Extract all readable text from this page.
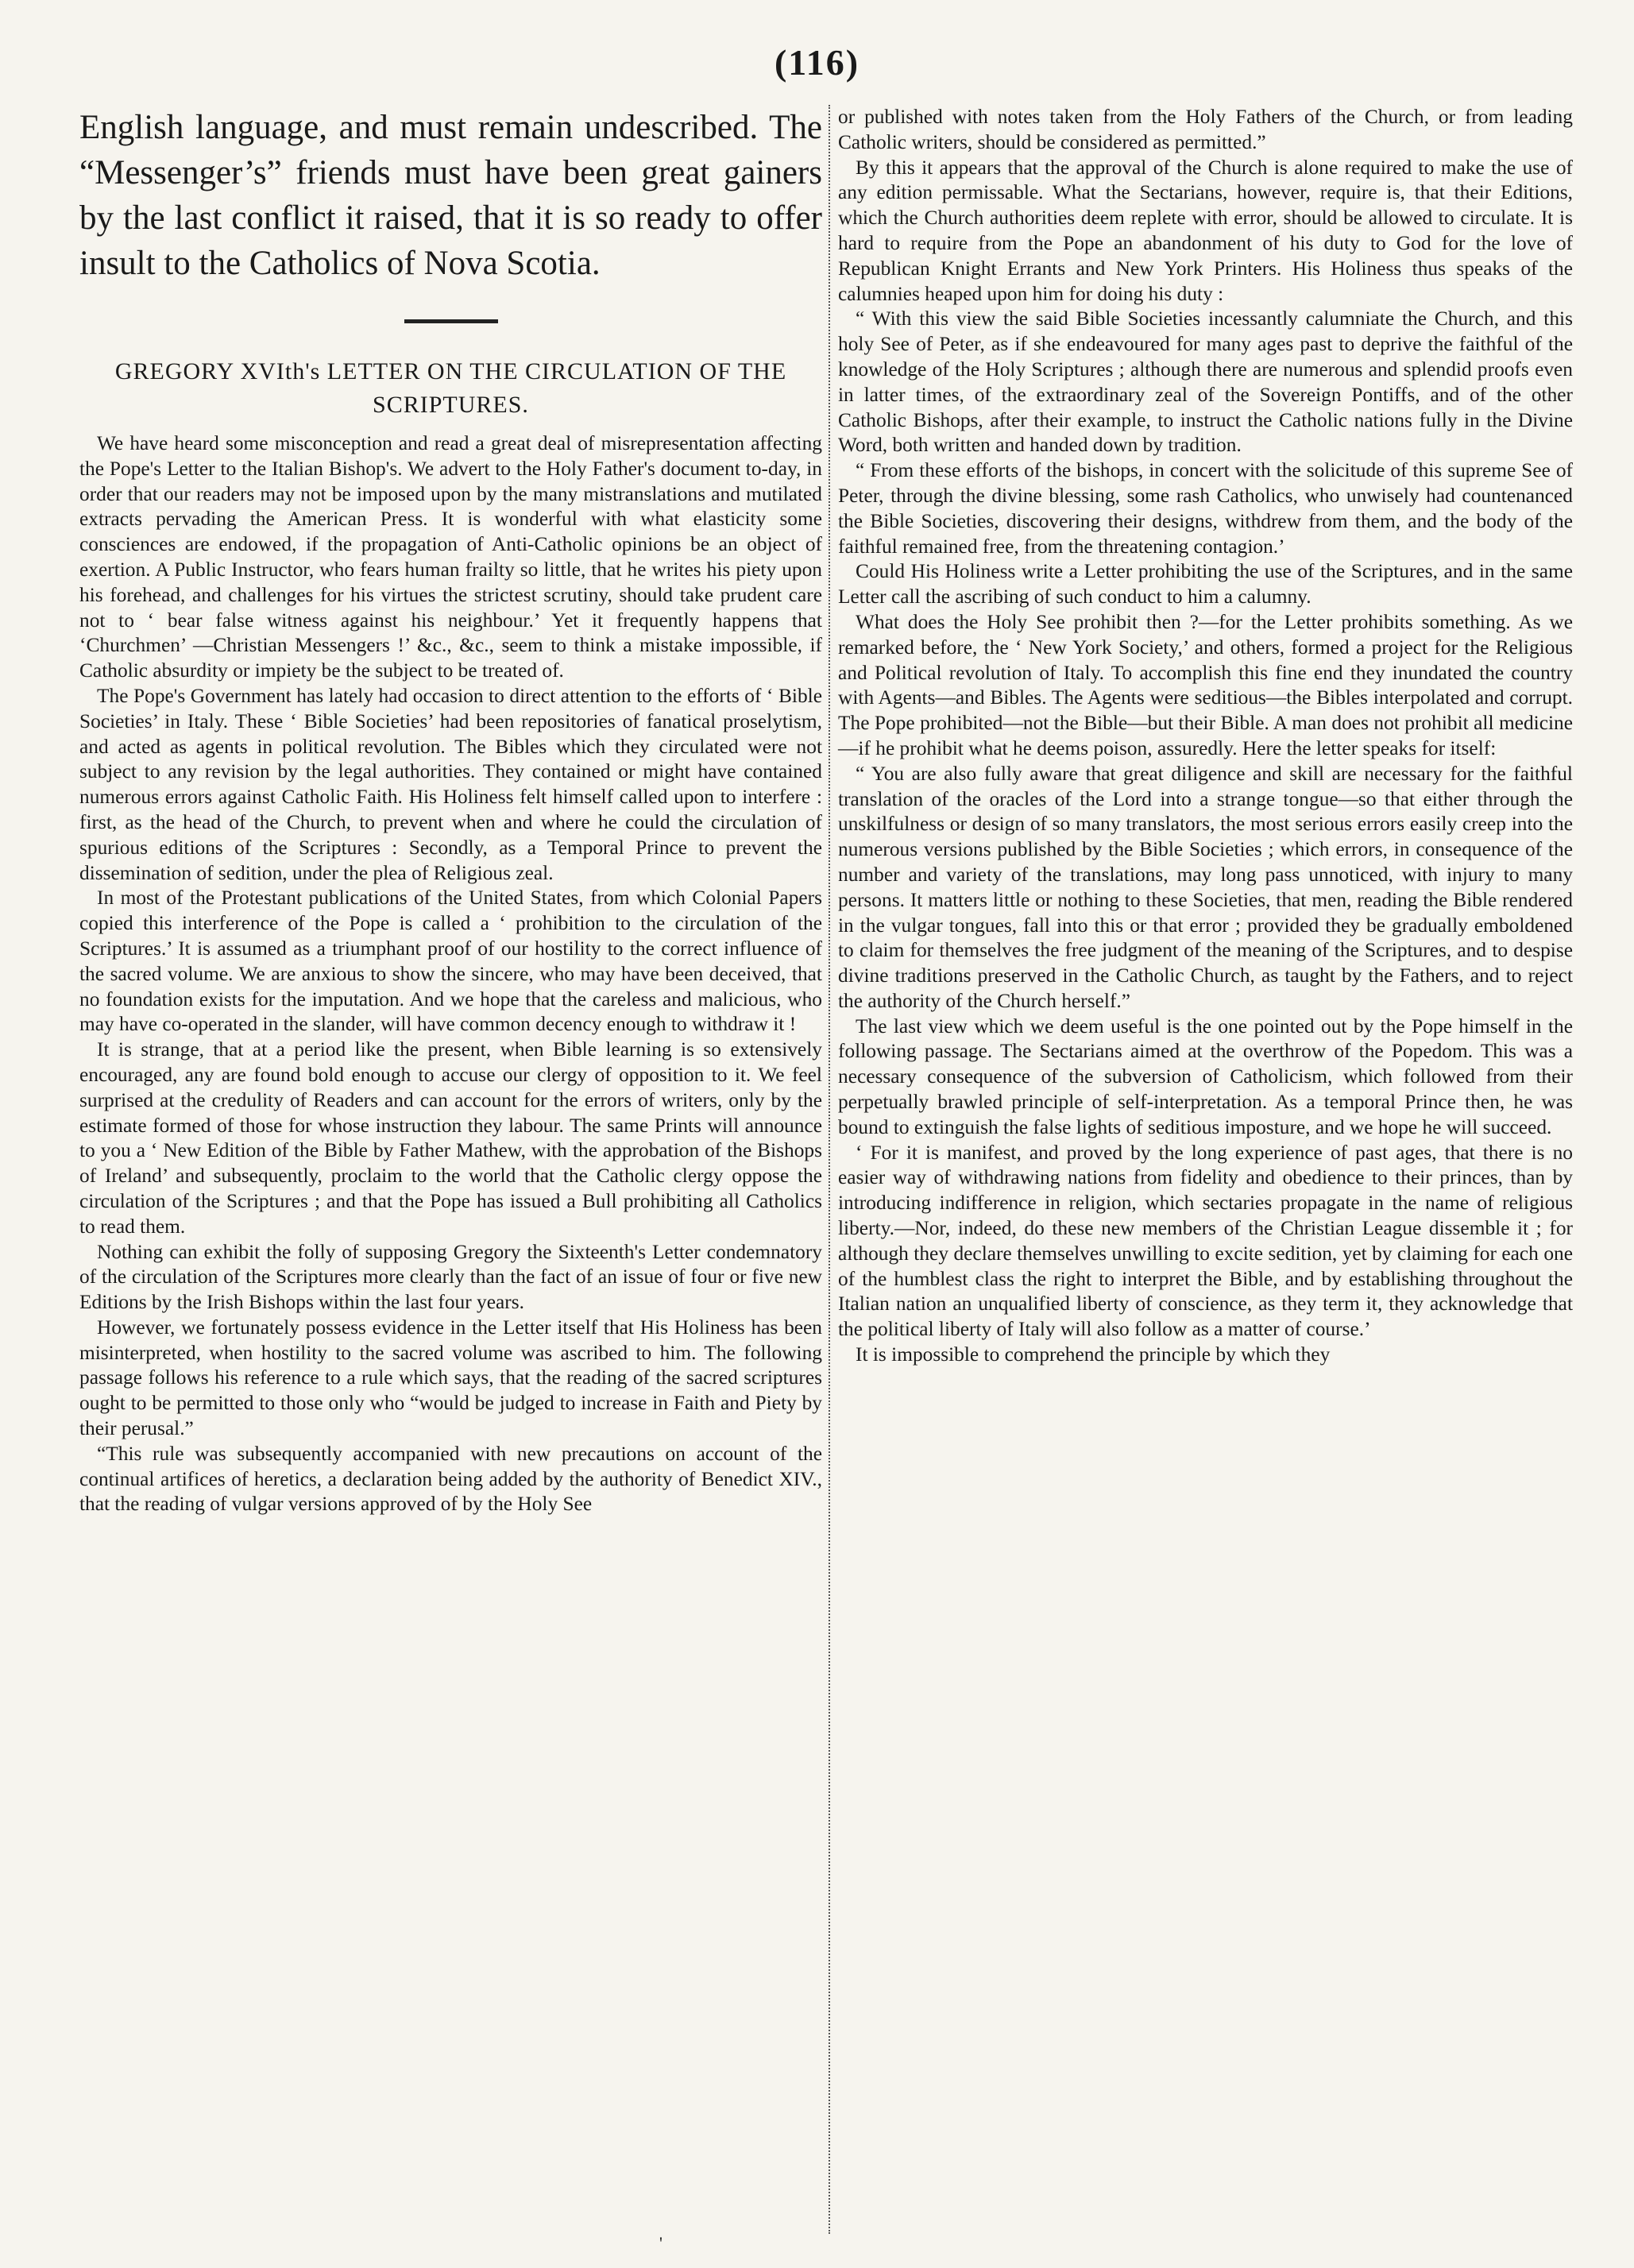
(116)

English language, and must remain undescribed. The “Messenger’s” friends must have been great gainers by the last conflict it raised, that it is so ready to offer insult to the Catholics of Nova Scotia.

GREGORY XVIth's LETTER ON THE CIRCULATION OF THE SCRIPTURES.

We have heard some misconception and read a great deal of misrepresentation affecting the Pope's Letter to the Italian Bishop's. We advert to the Holy Father's document to-day, in order that our readers may not be imposed upon by the many mistranslations and mutilated extracts pervading the American Press. It is wonderful with what elasticity some consciences are endowed, if the propagation of Anti-Catholic opinions be an object of exertion. A Public Instructor, who fears human frailty so little, that he writes his piety upon his forehead, and challenges for his virtues the strictest scrutiny, should take prudent care not to ‘ bear false witness against his neighbour.’ Yet it frequently happens that ‘Churchmen’ —Christian Messengers !’ &c., &c., seem to think a mistake impossible, if Catholic absurdity or impiety be the subject to be treated of.

The Pope's Government has lately had occasion to direct attention to the efforts of ‘ Bible Societies’ in Italy. These ‘ Bible Societies’ had been repositories of fanatical proselytism, and acted as agents in political revolution. The Bibles which they circulated were not subject to any revision by the legal authorities. They contained or might have contained numerous errors against Catholic Faith. His Holiness felt himself called upon to interfere : first, as the head of the Church, to prevent when and where he could the circulation of spurious editions of the Scriptures : Secondly, as a Temporal Prince to prevent the dissemination of sedition, under the plea of Religious zeal.

In most of the Protestant publications of the United States, from which Colonial Papers copied this interference of the Pope is called a ‘ prohibition to the circulation of the Scriptures.’ It is assumed as a triumphant proof of our hostility to the correct influence of the sacred volume. We are anxious to show the sincere, who may have been deceived, that no foundation exists for the imputation. And we hope that the careless and malicious, who may have co-operated in the slander, will have common decency enough to withdraw it !

It is strange, that at a period like the present, when Bible learning is so extensively encouraged, any are found bold enough to accuse our clergy of opposition to it. We feel surprised at the credulity of Readers and can account for the errors of writers, only by the estimate formed of those for whose instruction they labour. The same Prints will announce to you a ‘ New Edition of the Bible by Father Mathew, with the approbation of the Bishops of Ireland’ and subsequently, proclaim to the world that the Catholic clergy oppose the circulation of the Scriptures ; and that the Pope has issued a Bull prohibiting all Catholics to read them.

Nothing can exhibit the folly of supposing Gregory the Sixteenth's Letter condemnatory of the circulation of the Scriptures more clearly than the fact of an issue of four or five new Editions by the Irish Bishops within the last four years.

However, we fortunately possess evidence in the Letter itself that His Holiness has been misinterpreted, when hostility to the sacred volume was ascribed to him. The following passage follows his reference to a rule which says, that the reading of the sacred scriptures ought to be permitted to those only who “would be judged to increase in Faith and Piety by their perusal.”

“This rule was subsequently accompanied with new precautions on account of the continual artifices of heretics, a declaration being added by the authority of Benedict XIV., that the reading of vulgar versions approved of by the Holy See

or published with notes taken from the Holy Fathers of the Church, or from leading Catholic writers, should be considered as permitted.”

By this it appears that the approval of the Church is alone required to make the use of any edition permissable. What the Sectarians, however, require is, that their Editions, which the Church authorities deem replete with error, should be allowed to circulate. It is hard to require from the Pope an abandonment of his duty to God for the love of Republican Knight Errants and New York Printers. His Holiness thus speaks of the calumnies heaped upon him for doing his duty :

“ With this view the said Bible Societies incessantly calumniate the Church, and this holy See of Peter, as if she endeavoured for many ages past to deprive the faithful of the knowledge of the Holy Scriptures ; although there are numerous and splendid proofs even in latter times, of the extraordinary zeal of the Sovereign Pontiffs, and of the other Catholic Bishops, after their example, to instruct the Catholic nations fully in the Divine Word, both written and handed down by tradition.

“ From these efforts of the bishops, in concert with the solicitude of this supreme See of Peter, through the divine blessing, some rash Catholics, who unwisely had countenanced the Bible Societies, discovering their designs, withdrew from them, and the body of the faithful remained free, from the threatening contagion.’

Could His Holiness write a Letter prohibiting the use of the Scriptures, and in the same Letter call the ascribing of such conduct to him a calumny.

What does the Holy See prohibit then ?—for the Letter prohibits something. As we remarked before, the ‘ New York Society,’ and others, formed a project for the Religious and Political revolution of Italy. To accomplish this fine end they inundated the country with Agents—and Bibles. The Agents were seditious—the Bibles interpolated and corrupt. The Pope prohibited—not the Bible—but their Bible. A man does not prohibit all medicine—if he prohibit what he deems poison, assuredly. Here the letter speaks for itself:

“ You are also fully aware that great diligence and skill are necessary for the faithful translation of the oracles of the Lord into a strange tongue—so that either through the unskilfulness or design of so many translators, the most serious errors easily creep into the numerous versions published by the Bible Societies ; which errors, in consequence of the number and variety of the translations, may long pass unnoticed, with injury to many persons. It matters little or nothing to these Societies, that men, reading the Bible rendered in the vulgar tongues, fall into this or that error ; provided they be gradually emboldened to claim for themselves the free judgment of the meaning of the Scriptures, and to despise divine traditions preserved in the Catholic Church, as taught by the Fathers, and to reject the authority of the Church herself.”

The last view which we deem useful is the one pointed out by the Pope himself in the following passage. The Sectarians aimed at the overthrow of the Popedom. This was a necessary consequence of the subversion of Catholicism, which followed from their perpetually brawled principle of self-interpretation. As a temporal Prince then, he was bound to extinguish the false lights of seditious imposture, and we hope he will succeed.

‘ For it is manifest, and proved by the long experience of past ages, that there is no easier way of withdrawing nations from fidelity and obedience to their princes, than by introducing indifference in religion, which sectaries propagate in the name of religious liberty.—Nor, indeed, do these new members of the Christian League dissemble it ; for although they declare themselves unwilling to excite sedition, yet by claiming for each one of the humblest class the right to interpret the Bible, and by establishing throughout the Italian nation an unqualified liberty of conscience, as they term it, they acknowledge that the political liberty of Italy will also follow as a matter of course.’

It is impossible to comprehend the principle by which they

'
